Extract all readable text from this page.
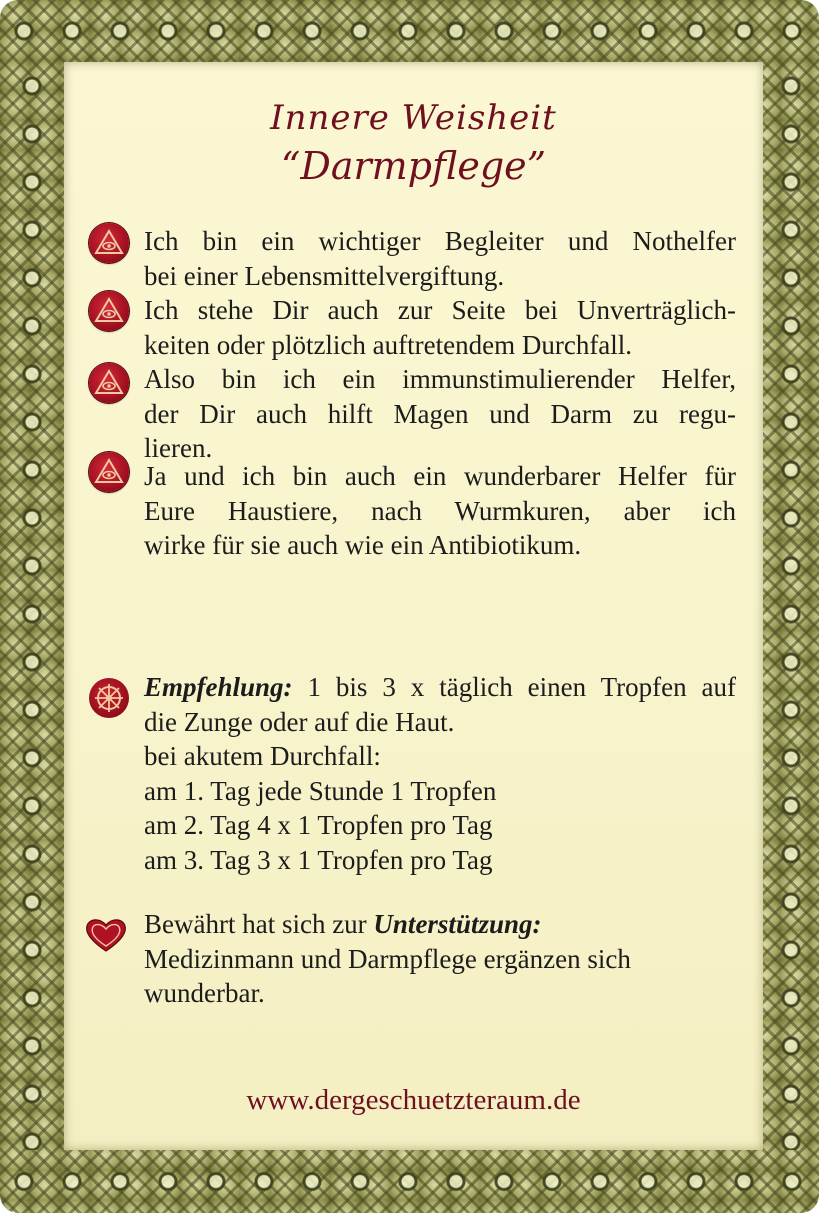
Innere Weisheit
“Darmpflege”
Ich bin ein wichtiger Begleiter und Nothelfer
bei einer Lebensmittelvergiftung.
Ich stehe Dir auch zur Seite bei Unverträglich-
keiten oder plötzlich auftretendem Durchfall.
Also bin ich ein immunstimulierender Helfer,
der Dir auch hilft Magen und Darm zu regu-
lieren.
Ja und ich bin auch ein wunderbarer Helfer für
Eure Haustiere, nach Wurmkuren, aber ich
wirke für sie auch wie ein Antibiotikum.
Empfehlung: 1 bis 3 x täglich einen Tropfen auf
die Zunge oder auf die Haut.
bei akutem Durchfall:
am 1. Tag jede Stunde 1 Tropfen
am 2. Tag 4 x 1 Tropfen pro Tag
am 3. Tag 3 x 1 Tropfen pro Tag
Bewährt hat sich zur Unterstützung:
Medizinmann und Darmpflege ergänzen sich
wunderbar.
www.dergeschuetzteraum.de
